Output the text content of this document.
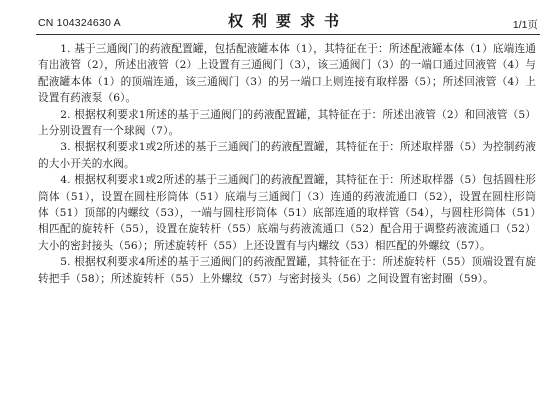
CN 104324630 A	权利要求书	1/1页

1. 基于三通阀门的药液配置罐，包括配液罐本体（1），其特征在于：所述配液罐本体（1）底端连通有出液管（2），所述出液管（2）上设置有三通阀门（3），该三通阀门（3）的一端口通过回液管（4）与配液罐本体（1）的顶端连通，该三通阀门（3）的另一端口上则连接有取样器（5）；所述回液管（4）上设置有药液泵（6）。

2. 根据权利要求1所述的基于三通阀门的药液配置罐，其特征在于：所述出液管（2）和回液管（5）上分别设置有一个球阀（7）。

3. 根据权利要求1或2所述的基于三通阀门的药液配置罐，其特征在于：所述取样器（5）为控制药液的大小开关的水阀。

4. 根据权利要求1或2所述的基于三通阀门的药液配置罐，其特征在于：所述取样器（5）包括圆柱形筒体（51），设置在圆柱形筒体（51）底端与三通阀门（3）连通的药液流通口（52），设置在圆柱形筒体（51）顶部的内螺纹（53），一端与圆柱形筒体（51）底部连通的取样管（54），与圆柱形筒体（51）相匹配的旋转杆（55），设置在旋转杆（55）底端与药液流通口（52）配合用于调整药液流通口（52）大小的密封接头（56）；所述旋转杆（55）上还设置有与内螺纹（53）相匹配的外螺纹（57）。

5. 根据权利要求4所述的基于三通阀门的药液配置罐，其特征在于：所述旋转杆（55）顶端设置有旋转把手（58）；所述旋转杆（55）上外螺纹（57）与密封接头（56）之间设置有密封圈（59）。
